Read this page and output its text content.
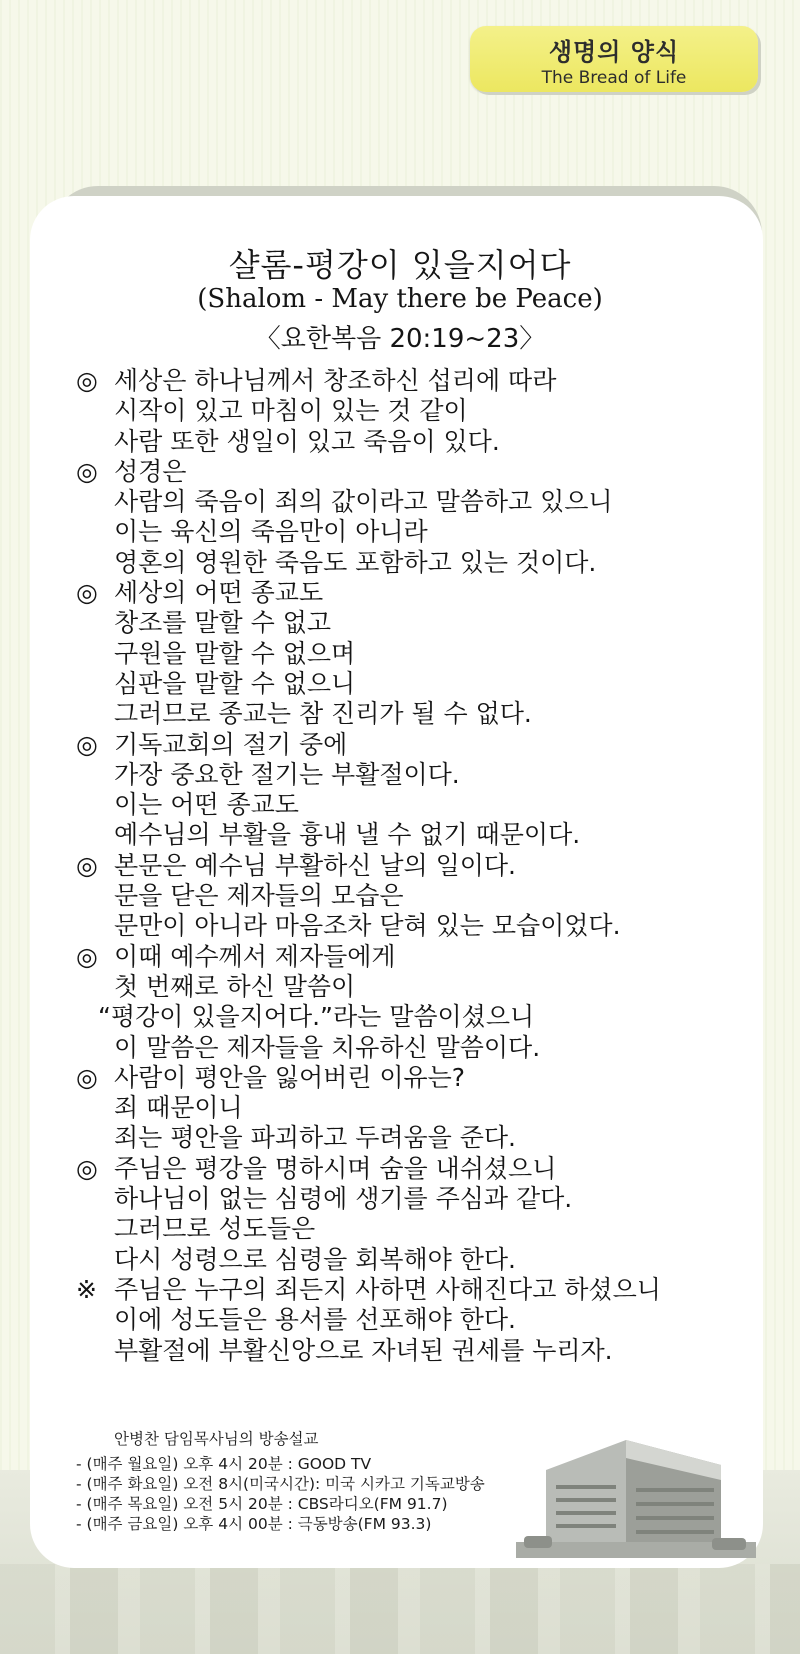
생명의 양식
The Bread of Life
샬롬-평강이 있을지어다
(Shalom - May there be Peace)
〈요한복음 20:19~23〉
◎ 세상은 하나님께서 창조하신 섭리에 따라
시작이 있고 마침이 있는 것 같이
사람 또한 생일이 있고 죽음이 있다.
◎ 성경은
사람의 죽음이 죄의 값이라고 말씀하고 있으니
이는 육신의 죽음만이 아니라
영혼의 영원한 죽음도 포함하고 있는 것이다.
◎ 세상의 어떤 종교도
창조를 말할 수 없고
구원을 말할 수 없으며
심판을 말할 수 없으니
그러므로 종교는 참 진리가 될 수 없다.
◎ 기독교회의 절기 중에
가장 중요한 절기는 부활절이다.
이는 어떤 종교도
예수님의 부활을 흉내 낼 수 없기 때문이다.
◎ 본문은 예수님 부활하신 날의 일이다.
문을 닫은 제자들의 모습은
문만이 아니라 마음조차 닫혀 있는 모습이었다.
◎ 이때 예수께서 제자들에게
첫 번째로 하신 말씀이
“평강이 있을지어다.”라는 말씀이셨으니
이 말씀은 제자들을 치유하신 말씀이다.
◎ 사람이 평안을 잃어버린 이유는?
죄 때문이니
죄는 평안을 파괴하고 두려움을 준다.
◎ 주님은 평강을 명하시며 숨을 내쉬셨으니
하나님이 없는 심령에 생기를 주심과 같다.
그러므로 성도들은
다시 성령으로 심령을 회복해야 한다.
※ 주님은 누구의 죄든지 사하면 사해진다고 하셨으니
이에 성도들은 용서를 선포해야 한다.
부활절에 부활신앙으로 자녀된 권세를 누리자.
안병찬 담임목사님의 방송설교
- (매주 월요일) 오후 4시 20분 : GOOD TV
- (매주 화요일) 오전 8시(미국시간): 미국 시카고 기독교방송
- (매주 목요일) 오전 5시 20분 : CBS라디오(FM 91.7)
- (매주 금요일) 오후 4시 00분 : 극동방송(FM 93.3)
